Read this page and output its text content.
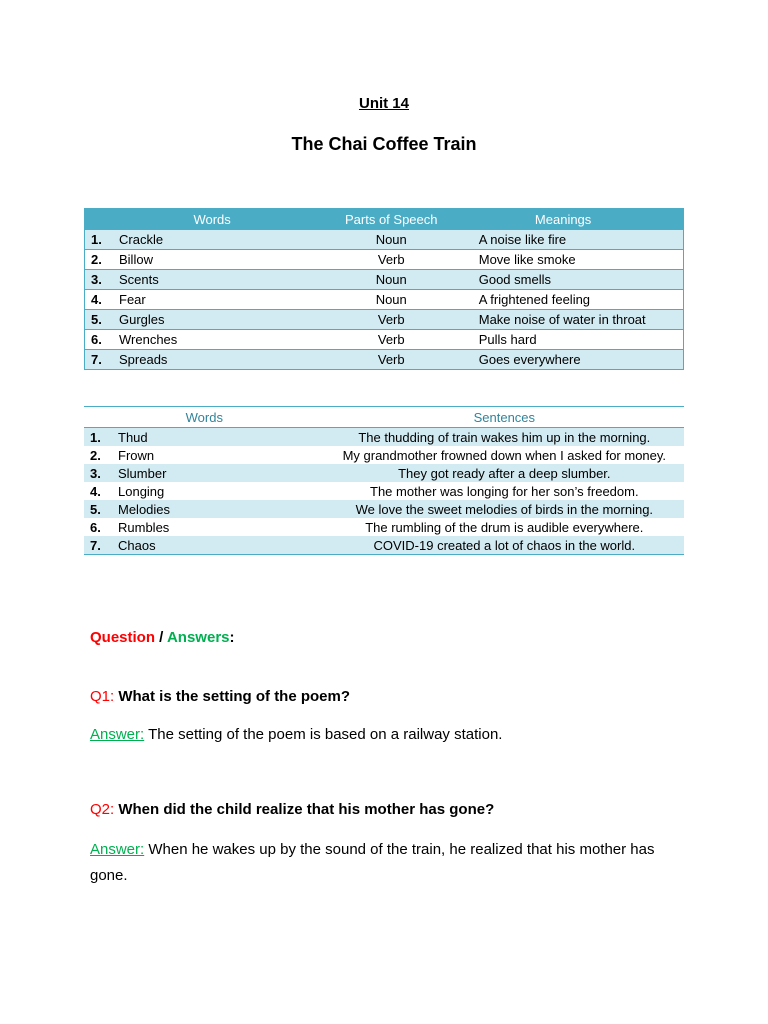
Unit 14
The Chai Coffee Train
Words		Parts of Speech	Meanings
1.	Crackle	Noun	A noise like fire
2.	Billow	Verb	Move like smoke
3.	Scents	Noun	Good smells
4.	Fear	Noun	A frightened feeling
5.	Gurgles	Verb	Make noise of water in throat
6.	Wrenches	Verb	Pulls hard
7.	Spreads	Verb	Goes everywhere
Words		Sentences
1.	Thud	The thudding of train wakes him up in the morning.
2.	Frown	My grandmother frowned down when I asked for money.
3.	Slumber	They got ready after a deep slumber.
4.	Longing	The mother was longing for her son’s freedom.
5.	Melodies	We love the sweet melodies of birds in the morning.
6.	Rumbles	The rumbling of the drum is audible everywhere.
7.	Chaos	COVID-19 created a lot of chaos in the world.
Question / Answers:
Q1: What is the setting of the poem?
Answer: The setting of the poem is based on a railway station.
Q2: When did the child realize that his mother has gone?
Answer: When he wakes up by the sound of the train, he realized that his mother has gone.
